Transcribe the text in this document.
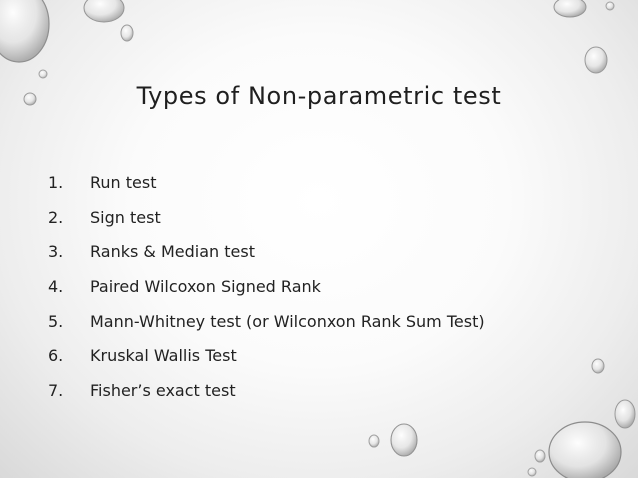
Types of Non-parametric test
1.	Run test
2.	Sign test
3.	Ranks & Median test
4.	Paired Wilcoxon Signed Rank
5.	Mann-Whitney test (or Wilconxon Rank Sum Test)
6.	Kruskal Wallis Test
7.	Fisher’s exact test
